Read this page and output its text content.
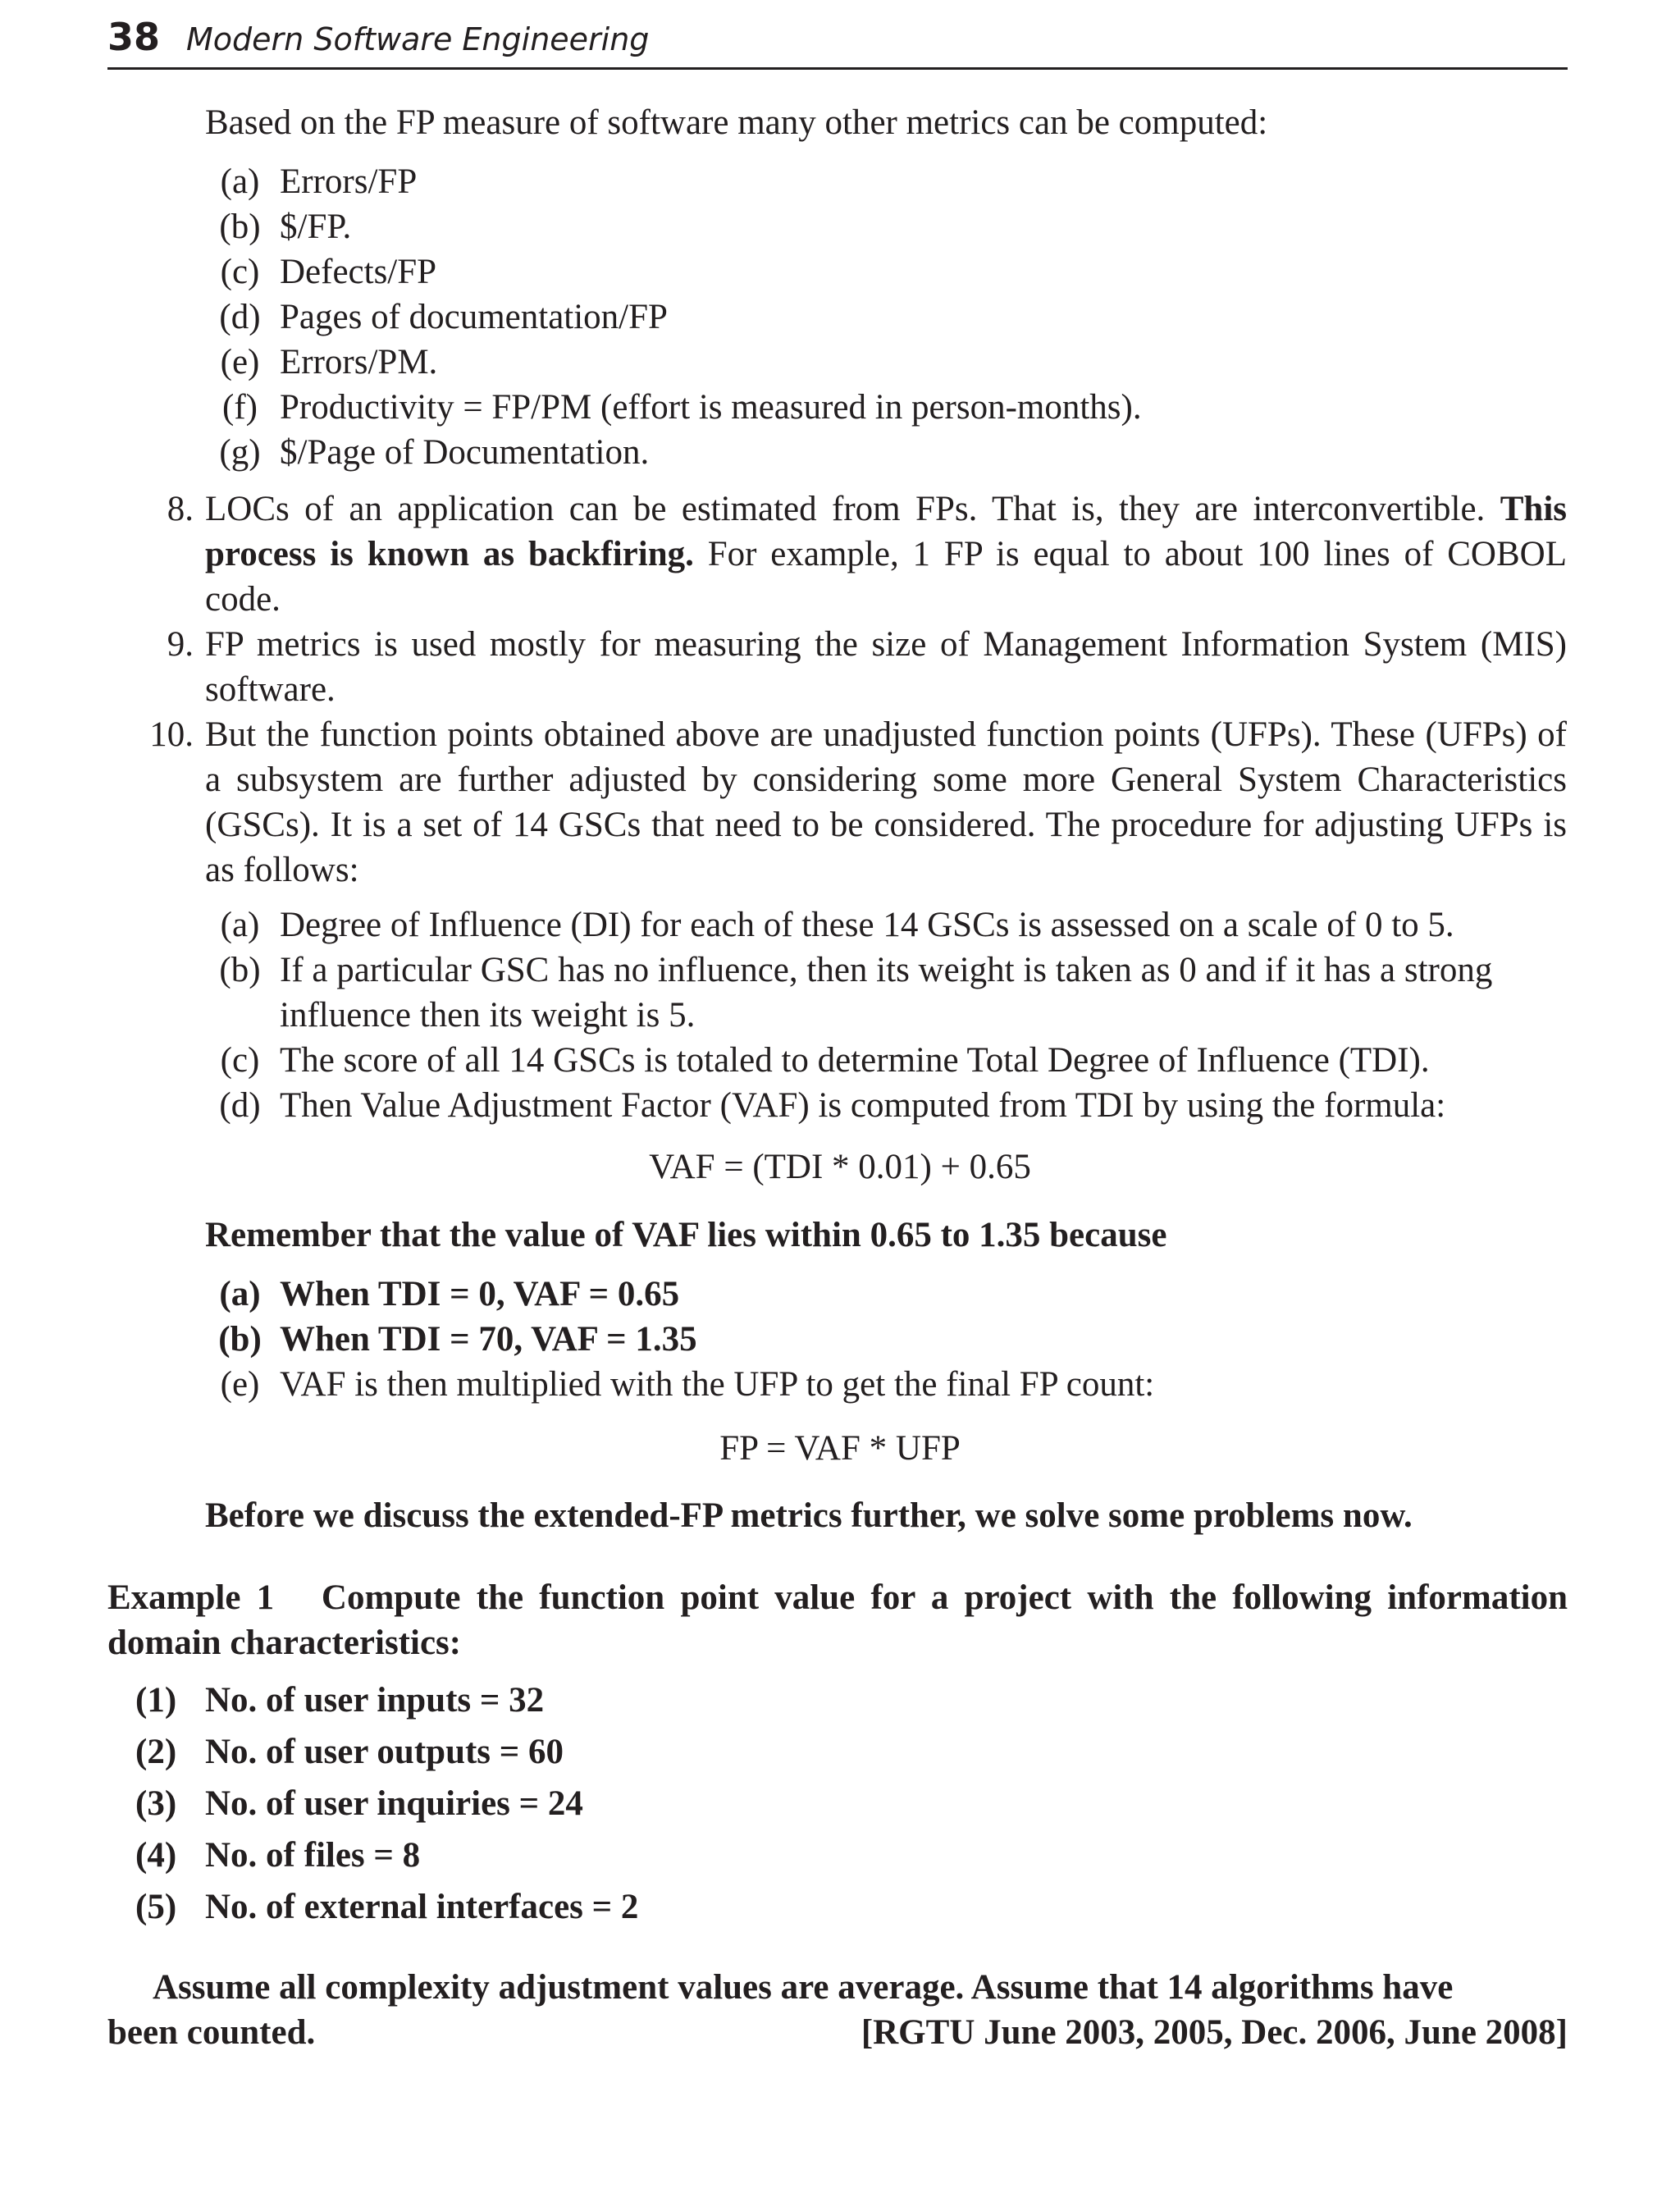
38 Modern Software Engineering
Based on the FP measure of software many other metrics can be computed:
(a) Errors/FP
(b) $/FP.
(c) Defects/FP
(d) Pages of documentation/FP
(e) Errors/PM.
(f) Productivity = FP/PM (effort is measured in person-months).
(g) $/Page of Documentation.
8. LOCs of an application can be estimated from FPs. That is, they are interconvertible. This process is known as backfiring. For example, 1 FP is equal to about 100 lines of COBOL code.
9. FP metrics is used mostly for measuring the size of Management Information System (MIS) software.
10. But the function points obtained above are unadjusted function points (UFPs). These (UFPs) of a subsystem are further adjusted by considering some more General System Characteristics (GSCs). It is a set of 14 GSCs that need to be considered. The procedure for adjusting UFPs is as follows:
(a) Degree of Influence (DI) for each of these 14 GSCs is assessed on a scale of 0 to 5.
(b) If a particular GSC has no influence, then its weight is taken as 0 and if it has a strong influence then its weight is 5.
(c) The score of all 14 GSCs is totaled to determine Total Degree of Influence (TDI).
(d) Then Value Adjustment Factor (VAF) is computed from TDI by using the formula:
VAF = (TDI * 0.01) + 0.65
Remember that the value of VAF lies within 0.65 to 1.35 because
(a) When TDI = 0, VAF = 0.65
(b) When TDI = 70, VAF = 1.35
(e) VAF is then multiplied with the UFP to get the final FP count:
FP = VAF * UFP
Before we discuss the extended-FP metrics further, we solve some problems now.
Example 1 Compute the function point value for a project with the following information domain characteristics:
(1) No. of user inputs = 32
(2) No. of user outputs = 60
(3) No. of user inquiries = 24
(4) No. of files = 8
(5) No. of external interfaces = 2
Assume all complexity adjustment values are average. Assume that 14 algorithms have
been counted.	[RGTU June 2003, 2005, Dec. 2006, June 2008]
